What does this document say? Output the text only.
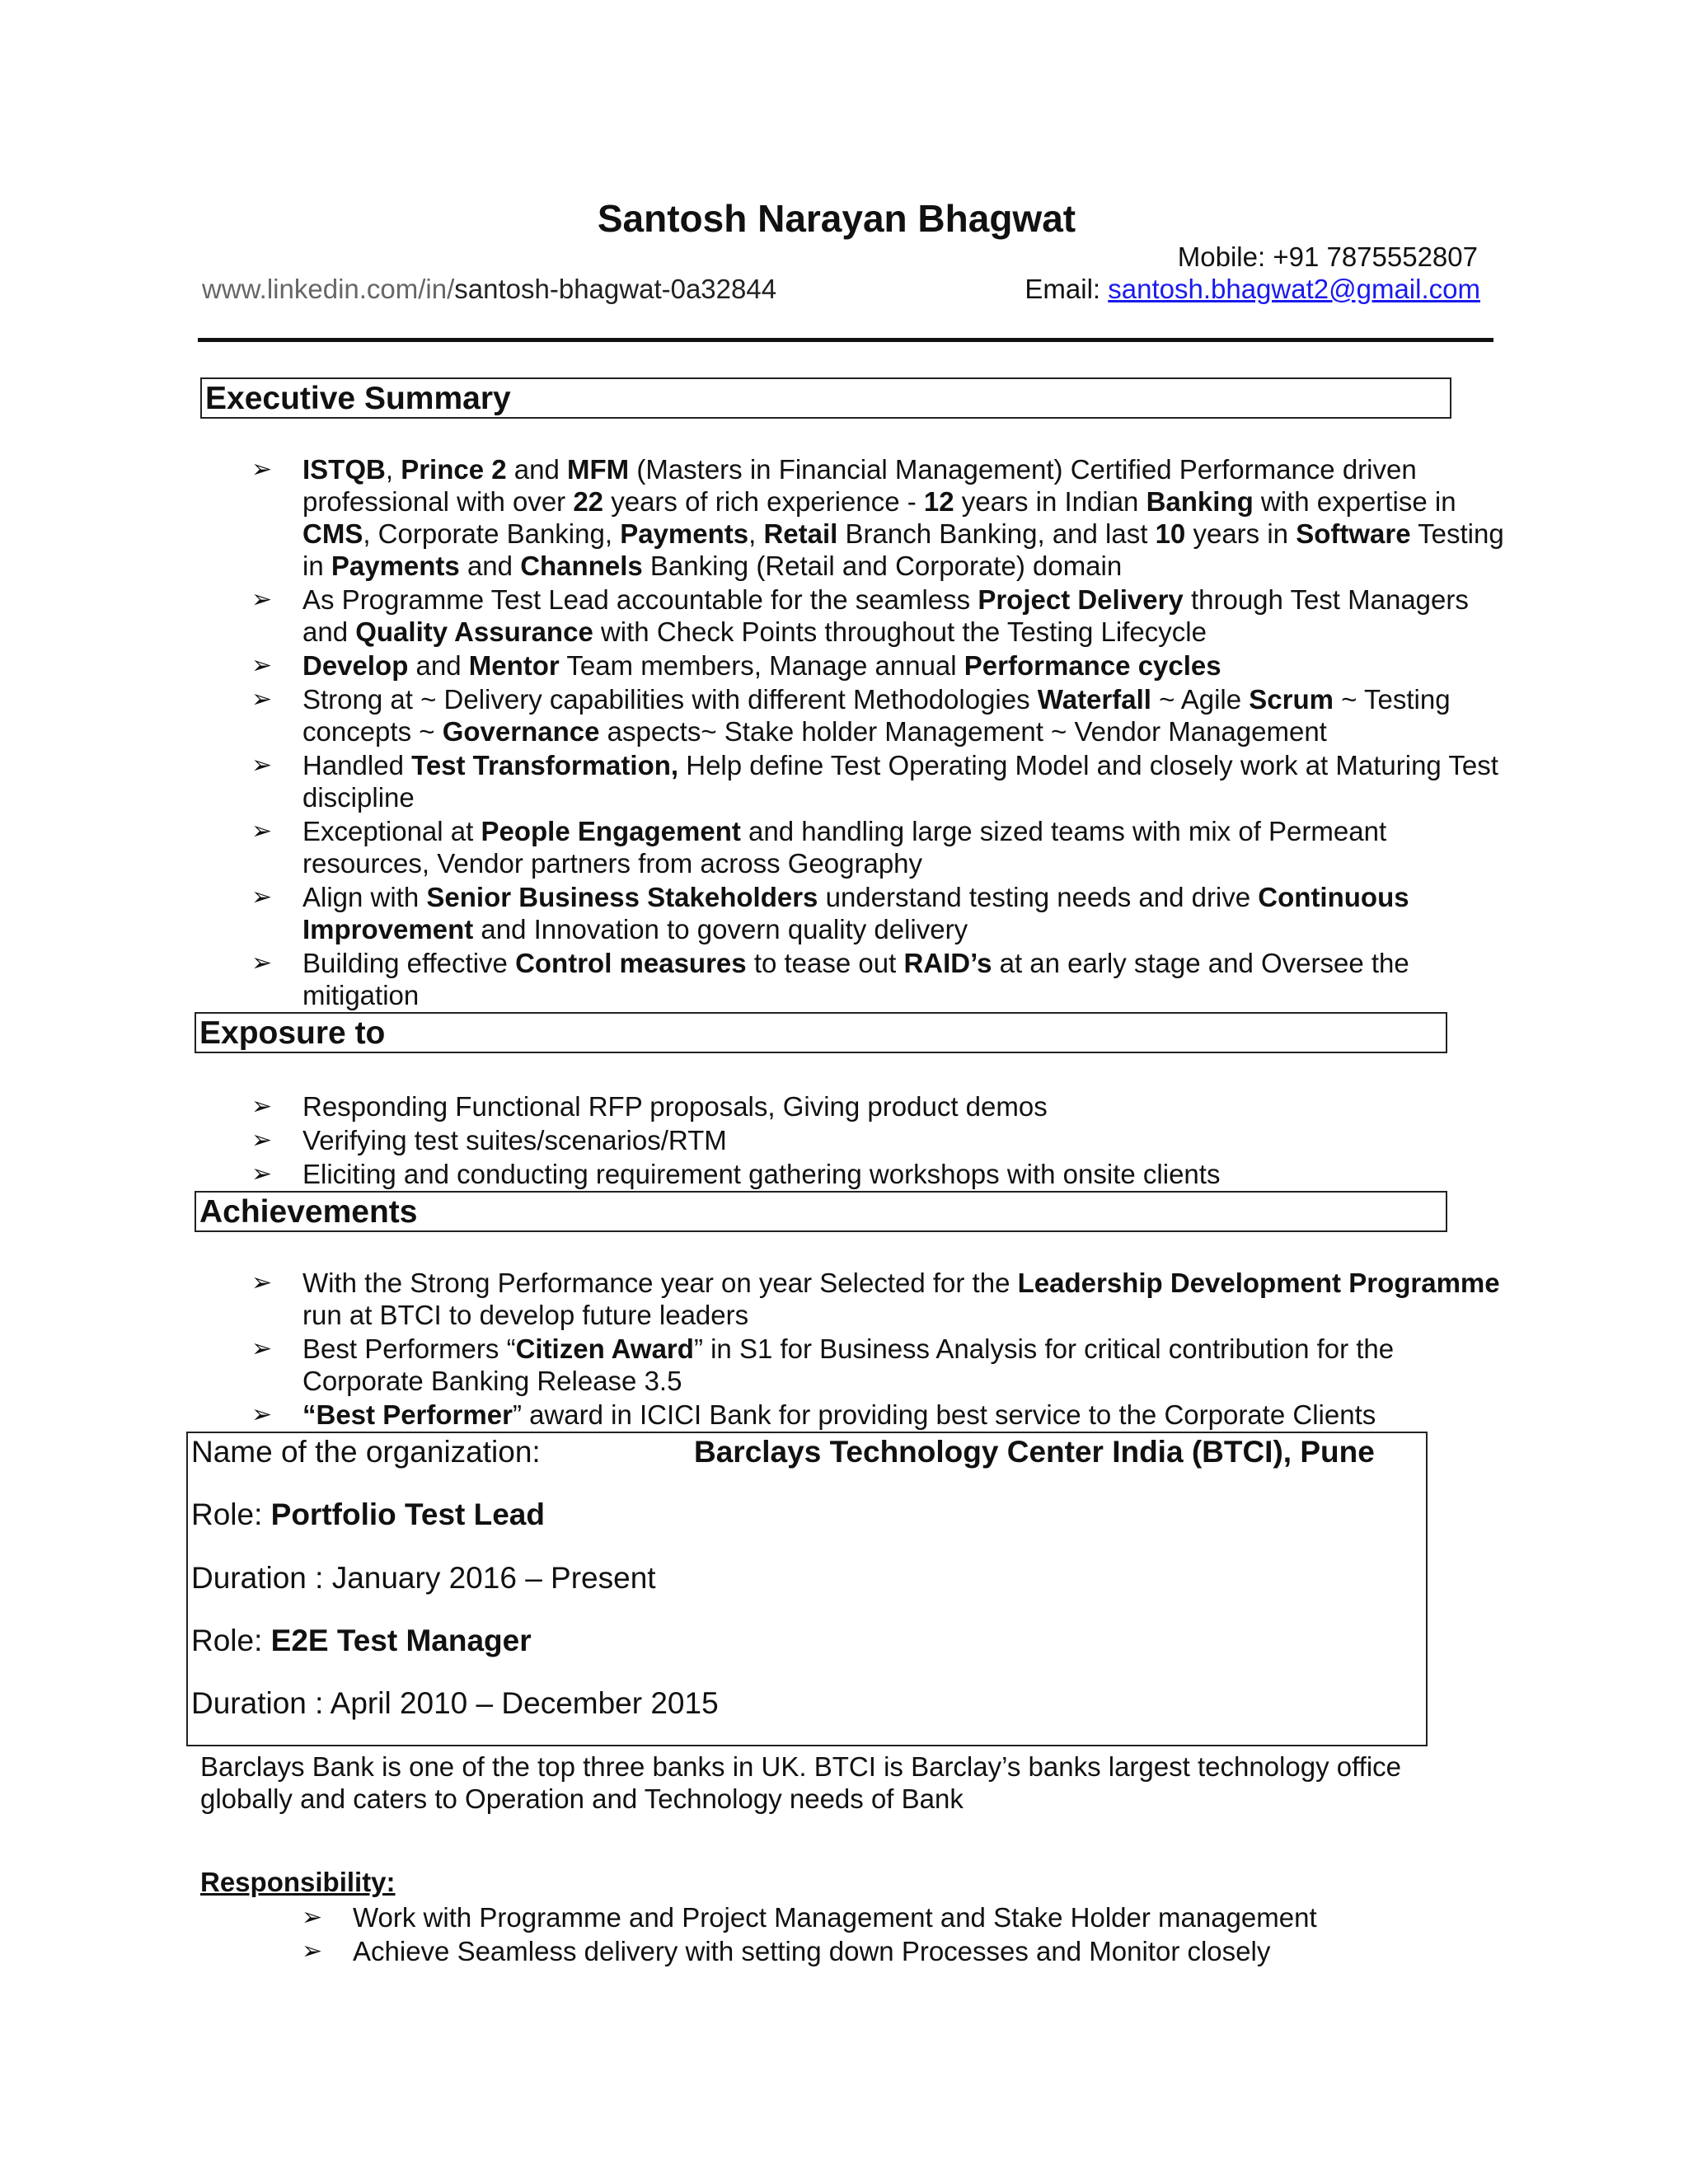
Santosh Narayan Bhagwat
Mobile: +91 7875552807
www.linkedin.com/in/santosh-bhagwat-0a32844	Email: santosh.bhagwat2@gmail.com
Executive Summary
➢ ISTQB, Prince 2 and MFM (Masters in Financial Management) Certified Performance driven professional with over 22 years of rich experience - 12 years in Indian Banking with expertise in CMS, Corporate Banking, Payments, Retail Branch Banking, and last 10 years in Software Testing in Payments and Channels Banking (Retail and Corporate) domain
➢ As Programme Test Lead accountable for the seamless Project Delivery through Test Managers and Quality Assurance with Check Points throughout the Testing Lifecycle
➢ Develop and Mentor Team members, Manage annual Performance cycles
➢ Strong at ~ Delivery capabilities with different Methodologies Waterfall ~ Agile Scrum ~ Testing concepts ~ Governance aspects~ Stake holder Management ~ Vendor Management
➢ Handled Test Transformation, Help define Test Operating Model and closely work at Maturing Test discipline
➢ Exceptional at People Engagement and handling large sized teams with mix of Permeant resources, Vendor partners from across Geography
➢ Align with Senior Business Stakeholders understand testing needs and drive Continuous Improvement and Innovation to govern quality delivery
➢ Building effective Control measures to tease out RAID’s at an early stage and Oversee the mitigation
Exposure to
➢ Responding Functional RFP proposals, Giving product demos
➢ Verifying test suites/scenarios/RTM
➢ Eliciting and conducting requirement gathering workshops with onsite clients
Achievements
➢ With the Strong Performance year on year Selected for the Leadership Development Programme run at BTCI to develop future leaders
➢ Best Performers “Citizen Award” in S1 for Business Analysis for critical contribution for the Corporate Banking Release 3.5
➢ “Best Performer” award in ICICI Bank for providing best service to the Corporate Clients
Name of the organization:	Barclays Technology Center India (BTCI), Pune
Role: Portfolio Test Lead
Duration : January 2016 – Present
Role: E2E Test Manager
Duration : April 2010 – December 2015
Barclays Bank is one of the top three banks in UK. BTCI is Barclay’s banks largest technology office globally and caters to Operation and Technology needs of Bank
Responsibility:
➢ Work with Programme and Project Management and Stake Holder management
➢ Achieve Seamless delivery with setting down Processes and Monitor closely
